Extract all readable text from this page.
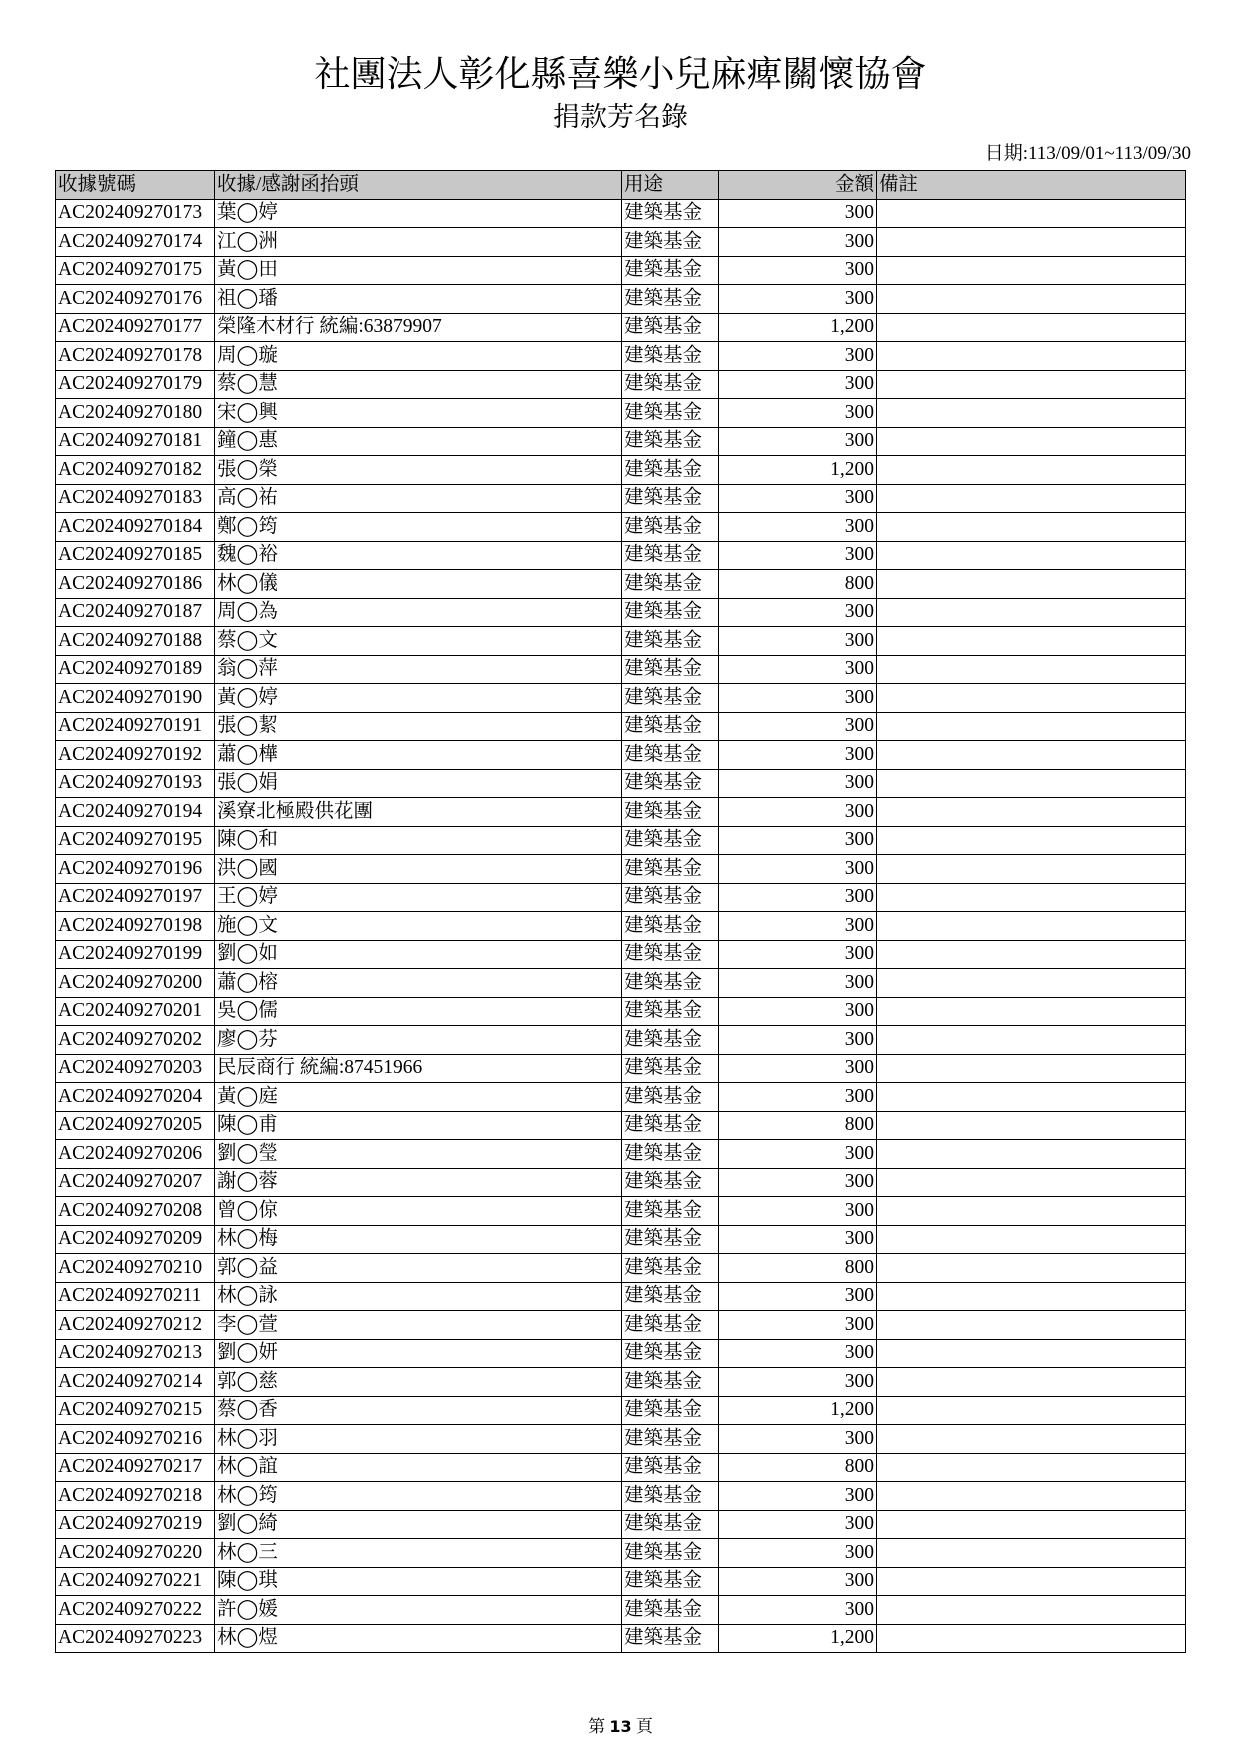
社團法人彰化縣喜樂小兒麻痺關懷協會
捐款芳名錄
日期:113/09/01~113/09/30
收據號碼	收據/感謝函抬頭	用途	金額	備註
AC202409270173	葉◯婷	建築基金	300	
AC202409270174	江◯洲	建築基金	300	
AC202409270175	黃◯田	建築基金	300	
AC202409270176	祖◯璠	建築基金	300	
AC202409270177	榮隆木材行 統編:63879907	建築基金	1,200	
AC202409270178	周◯璇	建築基金	300	
AC202409270179	蔡◯慧	建築基金	300	
AC202409270180	宋◯興	建築基金	300	
AC202409270181	鐘◯惠	建築基金	300	
AC202409270182	張◯榮	建築基金	1,200	
AC202409270183	高◯祐	建築基金	300	
AC202409270184	鄭◯筠	建築基金	300	
AC202409270185	魏◯裕	建築基金	300	
AC202409270186	林◯儀	建築基金	800	
AC202409270187	周◯為	建築基金	300	
AC202409270188	蔡◯文	建築基金	300	
AC202409270189	翁◯萍	建築基金	300	
AC202409270190	黃◯婷	建築基金	300	
AC202409270191	張◯絜	建築基金	300	
AC202409270192	蕭◯樺	建築基金	300	
AC202409270193	張◯娟	建築基金	300	
AC202409270194	溪寮北極殿供花團	建築基金	300	
AC202409270195	陳◯和	建築基金	300	
AC202409270196	洪◯國	建築基金	300	
AC202409270197	王◯婷	建築基金	300	
AC202409270198	施◯文	建築基金	300	
AC202409270199	劉◯如	建築基金	300	
AC202409270200	蕭◯榕	建築基金	300	
AC202409270201	吳◯儒	建築基金	300	
AC202409270202	廖◯芬	建築基金	300	
AC202409270203	民辰商行 統編:87451966	建築基金	300	
AC202409270204	黃◯庭	建築基金	300	
AC202409270205	陳◯甫	建築基金	800	
AC202409270206	劉◯瑩	建築基金	300	
AC202409270207	謝◯蓉	建築基金	300	
AC202409270208	曾◯倞	建築基金	300	
AC202409270209	林◯梅	建築基金	300	
AC202409270210	郭◯益	建築基金	800	
AC202409270211	林◯詠	建築基金	300	
AC202409270212	李◯萱	建築基金	300	
AC202409270213	劉◯妍	建築基金	300	
AC202409270214	郭◯慈	建築基金	300	
AC202409270215	蔡◯香	建築基金	1,200	
AC202409270216	林◯羽	建築基金	300	
AC202409270217	林◯誼	建築基金	800	
AC202409270218	林◯筠	建築基金	300	
AC202409270219	劉◯綺	建築基金	300	
AC202409270220	林◯三	建築基金	300	
AC202409270221	陳◯琪	建築基金	300	
AC202409270222	許◯媛	建築基金	300	
AC202409270223	林◯煜	建築基金	1,200	
第 13 頁
